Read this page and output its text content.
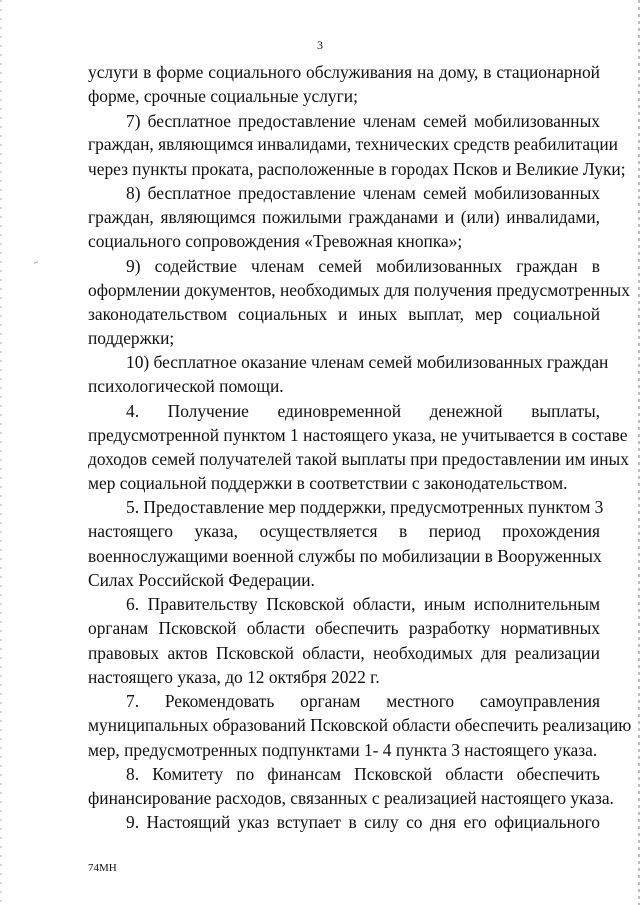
3
услуги в форме социального обслуживания на дому, в стационарной
форме, срочные социальные услуги;
7) бесплатное предоставление членам семей мобилизованных
граждан, являющимся инвалидами, технических средств реабилитации
через пункты проката, расположенные в городах Псков и Великие Луки;
8) бесплатное предоставление членам семей мобилизованных
граждан, являющимся пожилыми гражданами и (или) инвалидами,
социального сопровождения «Тревожная кнопка»;
9) содействие членам семей мобилизованных граждан в
оформлении документов, необходимых для получения предусмотренных
законодательством социальных и иных выплат, мер социальной
поддержки;
10) бесплатное оказание членам семей мобилизованных граждан
психологической помощи.
4. Получение единовременной денежной выплаты,
предусмотренной пунктом 1 настоящего указа, не учитывается в составе
доходов семей получателей такой выплаты при предоставлении им иных
мер социальной поддержки в соответствии с законодательством.
5. Предоставление мер поддержки, предусмотренных пунктом 3
настоящего указа, осуществляется в период прохождения
военнослужащими военной службы по мобилизации в Вооруженных
Силах Российской Федерации.
6. Правительству Псковской области, иным исполнительным
органам Псковской области обеспечить разработку нормативных
правовых актов Псковской области, необходимых для реализации
настоящего указа, до 12 октября 2022 г.
7. Рекомендовать органам местного самоуправления
муниципальных образований Псковской области обеспечить реализацию
мер, предусмотренных подпунктами 1- 4 пункта 3 настоящего указа.
8. Комитету по финансам Псковской области обеспечить
финансирование расходов, связанных с реализацией настоящего указа.
9. Настоящий указ вступает в силу со дня его официального
74МН
